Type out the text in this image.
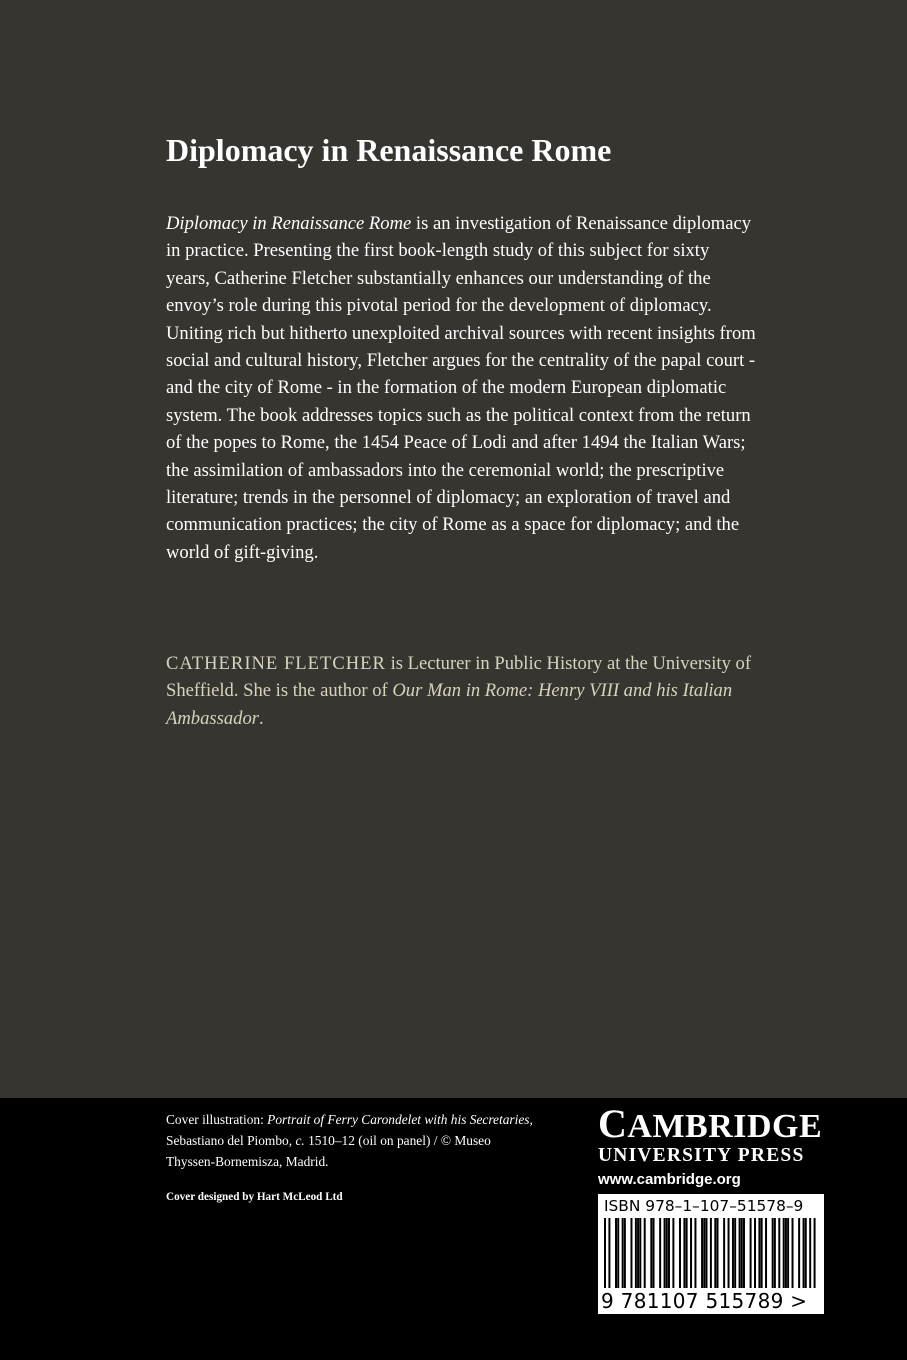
Diplomacy in Renaissance Rome

Diplomacy in Renaissance Rome is an investigation of Renaissance diplomacy in practice. Presenting the first book-length study of this subject for sixty years, Catherine Fletcher substantially enhances our understanding of the envoy’s role during this pivotal period for the development of diplomacy. Uniting rich but hitherto unexploited archival sources with recent insights from social and cultural history, Fletcher argues for the centrality of the papal court - and the city of Rome - in the formation of the modern European diplomatic system. The book addresses topics such as the political context from the return of the popes to Rome, the 1454 Peace of Lodi and after 1494 the Italian Wars; the assimilation of ambassadors into the ceremonial world; the prescriptive literature; trends in the personnel of diplomacy; an exploration of travel and communication practices; the city of Rome as a space for diplomacy; and the world of gift-giving.

CATHERINE FLETCHER is Lecturer in Public History at the University of Sheffield. She is the author of Our Man in Rome: Henry VIII and his Italian Ambassador.

Cover illustration: Portrait of Ferry Carondelet with his Secretaries, Sebastiano del Piombo, c. 1510–12 (oil on panel) / © Museo Thyssen-Bornemisza, Madrid.

Cover designed by Hart McLeod Ltd

CAMBRIDGE
UNIVERSITY PRESS
www.cambridge.org
ISBN 978–1–107–51578–9
9 781107 515789 >
